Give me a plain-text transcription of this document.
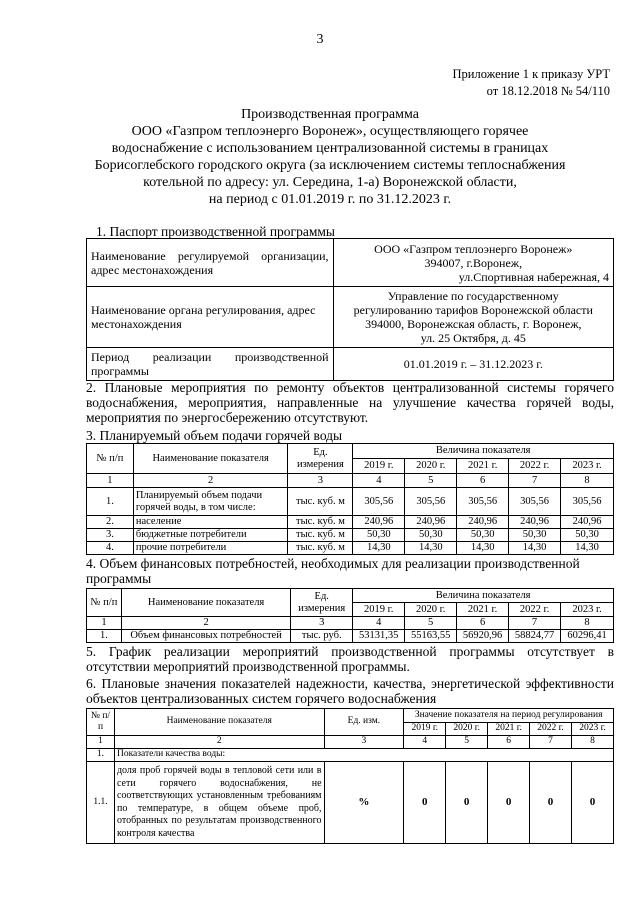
3
Приложение 1 к приказу УРТ
от 18.12.2018 № 54/110
Производственная программа
ООО «Газпром теплоэнерго Воронеж», осуществляющего горячее
водоснабжение с использованием централизованной системы в границах
Борисоглебского городского округа (за исключением системы теплоснабжения
котельной по адресу: ул. Середина, 1-а) Воронежской области,
на период с 01.01.2019 г. по 31.12.2023 г.
1. Паспорт производственной программы
Наименование регулируемой организации, адрес местонахождения	ООО «Газпром теплоэнерго Воронеж»
394007, г.Воронеж,
ул.Спортивная набережная, 4

Наименование органа регулирования, адрес местонахождения	Управление по государственному
регулированию тарифов Воронежской области
394000, Воронежская область, г. Воронеж,
ул. 25 Октября, д. 45

Период реализации производственной программы	01.01.2019 г. – 31.12.2023 г.
2. Плановые мероприятия по ремонту объектов централизованной системы горячего водоснабжения, мероприятия, направленные на улучшение качества горячей воды, мероприятия по энергосбережению отсутствуют.
3. Планируемый объем подачи горячей воды
№ п/п	Наименование показателя	Ед. измерения	Величина показателя				
			2019 г.	2020 г.	2021 г.	2022 г.	2023 г.
1	2	3	4	5	6	7	8
1.	Планируемый объем подачи горячей воды, в том числе:	тыс. куб. м	305,56	305,56	305,56	305,56	305,56
2.	население	тыс. куб. м	240,96	240,96	240,96	240,96	240,96
3.	бюджетные потребители	тыс. куб. м	50,30	50,30	50,30	50,30	50,30
4.	прочие потребители	тыс. куб. м	14,30	14,30	14,30	14,30	14,30
4. Объем финансовых потребностей, необходимых для реализации производственной программы
№ п/п	Наименование показателя	Ед. измерения	Величина показателя				
			2019 г.	2020 г.	2021 г.	2022 г.	2023 г.
1	2	3	4	5	6	7	8
1.	Объем финансовых потребностей	тыс. руб.	53131,35	55163,55	56920,96	58824,77	60296,41
5. График реализации мероприятий производственной программы отсутствует в отсутствии мероприятий производственной программы.
6. Плановые значения показателей надежности, качества, энергетической эффективности объектов централизованных систем горячего водоснабжения
№ п/п	Наименование показателя	Ед. изм.	Значение показателя на период регулирования				
			2019 г.	2020 г.	2021 г.	2022 г.	2023 г.
1	2	3	4	5	6	7	8
1.	Показатели качества воды:						
1.1.	доля проб горячей воды в тепловой сети или в сети горячего водоснабжения, не соответствующих установленным требованиям по температуре, в общем объеме проб, отобранных по результатам производственного контроля качества	%	0	0	0	0	0
